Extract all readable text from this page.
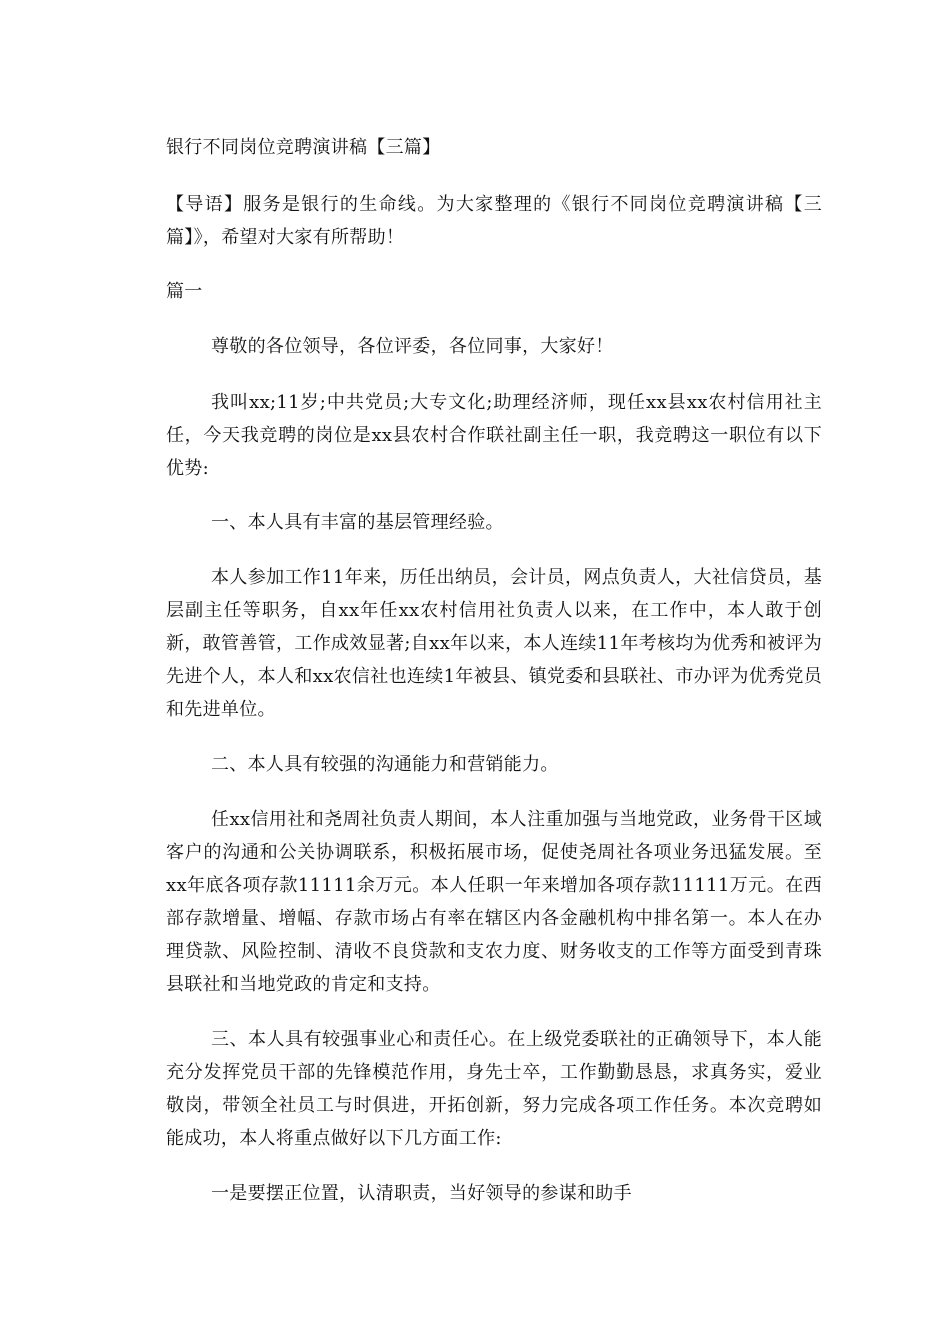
银行不同岗位竞聘演讲稿【三篇】
【导语】服务是银行的生命线。为大家整理的《银行不同岗位竞聘演讲稿【三篇】》，希望对大家有所帮助！
篇一
尊敬的各位领导，各位评委，各位同事，大家好！
我叫xx;11岁;中共党员;大专文化;助理经济师，现任xx县xx农村信用社主任，今天我竞聘的岗位是xx县农村合作联社副主任一职，我竞聘这一职位有以下优势:
一、本人具有丰富的基层管理经验。
本人参加工作11年来，历任出纳员，会计员，网点负责人，大社信贷员，基层副主任等职务，自xx年任xx农村信用社负责人以来，在工作中，本人敢于创新，敢管善管，工作成效显著;自xx年以来，本人连续11年考核均为优秀和被评为先进个人，本人和xx农信社也连续1年被县、镇党委和县联社、市办评为优秀党员和先进单位。
二、本人具有较强的沟通能力和营销能力。
任xx信用社和尧周社负责人期间，本人注重加强与当地党政，业务骨干区域客户的沟通和公关协调联系，积极拓展市场，促使尧周社各项业务迅猛发展。至xx年底各项存款11111余万元。本人任职一年来增加各项存款11111万元。在西部存款增量、增幅、存款市场占有率在辖区内各金融机构中排名第一。本人在办理贷款、风险控制、清收不良贷款和支农力度、财务收支的工作等方面受到青珠县联社和当地党政的肯定和支持。
三、本人具有较强事业心和责任心。在上级党委联社的正确领导下，本人能充分发挥党员干部的先锋模范作用，身先士卒，工作勤勤恳恳，求真务实，爱业敬岗，带领全社员工与时俱进，开拓创新，努力完成各项工作任务。本次竞聘如能成功，本人将重点做好以下几方面工作:
一是要摆正位置，认清职责，当好领导的参谋和助手
